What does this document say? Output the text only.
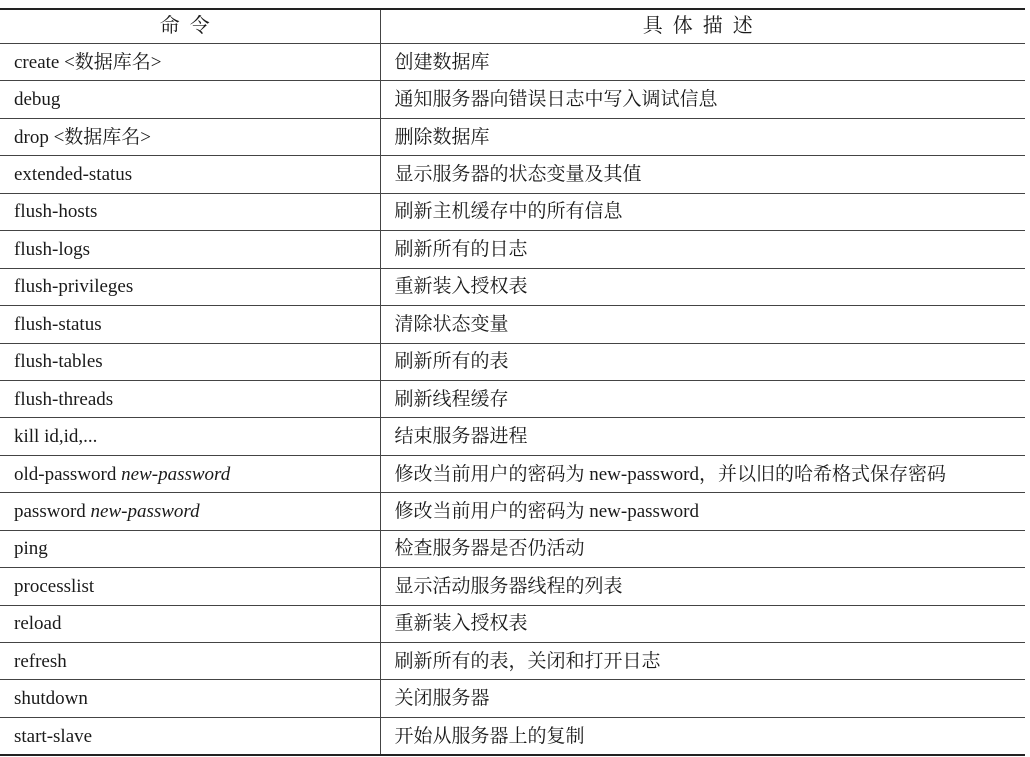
命令	具体描述
create <数据库名>	创建数据库
debug	通知服务器向错误日志中写入调试信息
drop <数据库名>	删除数据库
extended-status	显示服务器的状态变量及其值
flush-hosts	刷新主机缓存中的所有信息
flush-logs	刷新所有的日志
flush-privileges	重新装入授权表
flush-status	清除状态变量
flush-tables	刷新所有的表
flush-threads	刷新线程缓存
kill id,id,...	结束服务器进程
old-password new-password	修改当前用户的密码为 new-password，并以旧的哈希格式保存密码
password new-password	修改当前用户的密码为 new-password
ping	检查服务器是否仍活动
processlist	显示活动服务器线程的列表
reload	重新装入授权表
refresh	刷新所有的表，关闭和打开日志
shutdown	关闭服务器
start-slave	开始从服务器上的复制
